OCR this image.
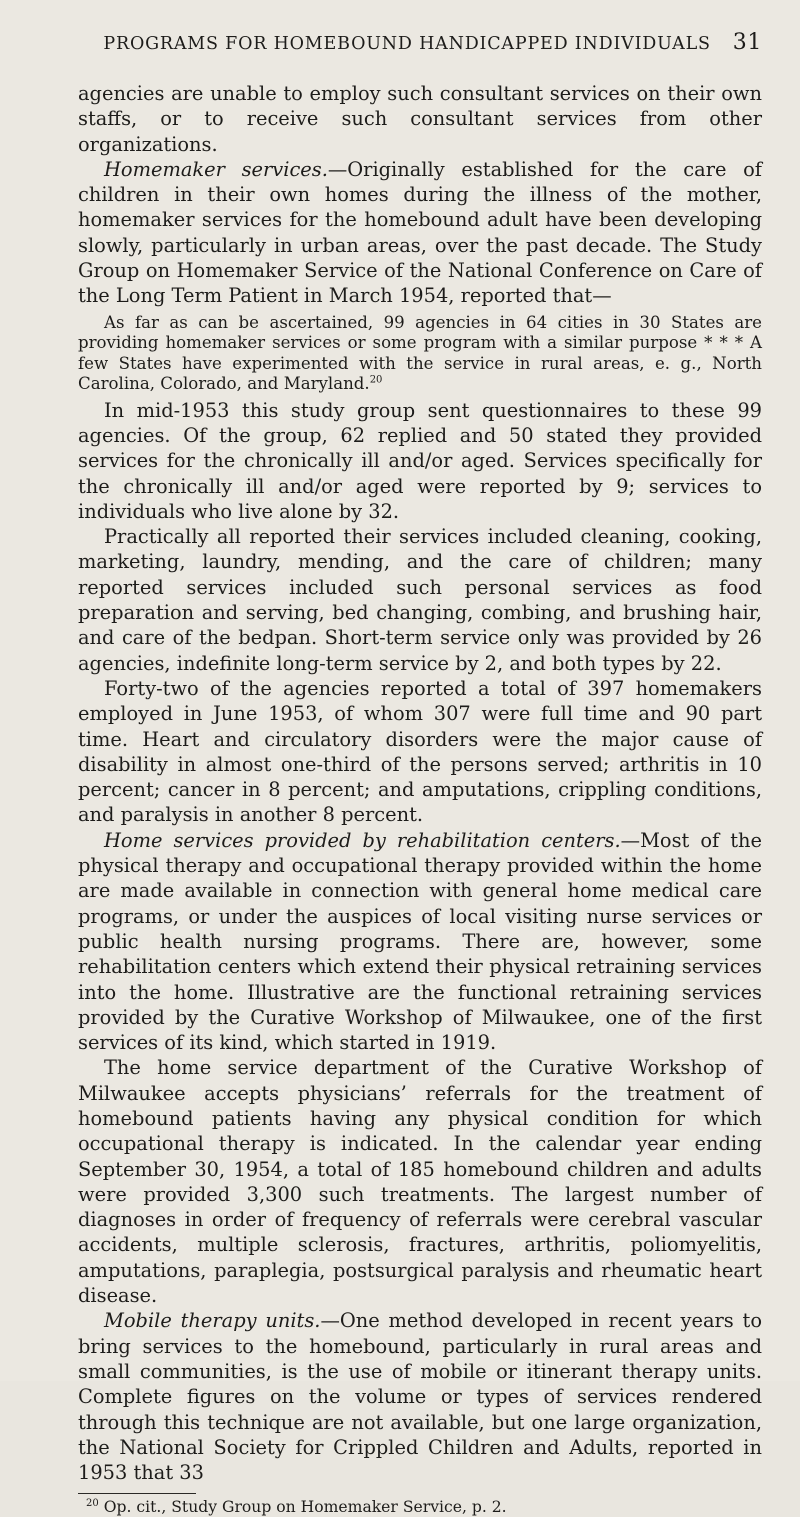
PROGRAMS FOR HOMEBOUND HANDICAPPED INDIVIDUALS 31

agencies are unable to employ such consultant services on their own staffs, or to receive such consultant services from other organizations.

Homemaker services.—Originally established for the care of children in their own homes during the illness of the mother, homemaker services for the homebound adult have been developing slowly, particularly in urban areas, over the past decade. The Study Group on Homemaker Service of the National Conference on Care of the Long Term Patient in March 1954, reported that—

As far as can be ascertained, 99 agencies in 64 cities in 30 States are providing homemaker services or some program with a similar purpose * * * A few States have experimented with the service in rural areas, e. g., North Carolina, Colorado, and Maryland.$^{20}$

In mid-1953 this study group sent questionnaires to these 99 agencies. Of the group, 62 replied and 50 stated they provided services for the chronically ill and/or aged. Services specifically for the chronically ill and/or aged were reported by 9; services to individuals who live alone by 32.

Practically all reported their services included cleaning, cooking, marketing, laundry, mending, and the care of children; many reported services included such personal services as food preparation and serving, bed changing, combing, and brushing hair, and care of the bedpan. Short-term service only was provided by 26 agencies, indefinite long-term service by 2, and both types by 22.

Forty-two of the agencies reported a total of 397 homemakers employed in June 1953, of whom 307 were full time and 90 part time. Heart and circulatory disorders were the major cause of disability in almost one-third of the persons served; arthritis in 10 percent; cancer in 8 percent; and amputations, crippling conditions, and paralysis in another 8 percent.

Home services provided by rehabilitation centers.—Most of the physical therapy and occupational therapy provided within the home are made available in connection with general home medical care programs, or under the auspices of local visiting nurse services or public health nursing programs. There are, however, some rehabilitation centers which extend their physical retraining services into the home. Illustrative are the functional retraining services provided by the Curative Workshop of Milwaukee, one of the first services of its kind, which started in 1919.

The home service department of the Curative Workshop of Milwaukee accepts physicians’ referrals for the treatment of homebound patients having any physical condition for which occupational therapy is indicated. In the calendar year ending September 30, 1954, a total of 185 homebound children and adults were provided 3,300 such treatments. The largest number of diagnoses in order of frequency of referrals were cerebral vascular accidents, multiple sclerosis, fractures, arthritis, poliomyelitis, amputations, paraplegia, postsurgical paralysis and rheumatic heart disease.

Mobile therapy units.—One method developed in recent years to bring services to the homebound, particularly in rural areas and small communities, is the use of mobile or itinerant therapy units. Complete figures on the volume or types of services rendered through this technique are not available, but one large organization, the National Society for Crippled Children and Adults, reported in 1953 that 33

$^{20}$ Op. cit., Study Group on Homemaker Service, p. 2.
